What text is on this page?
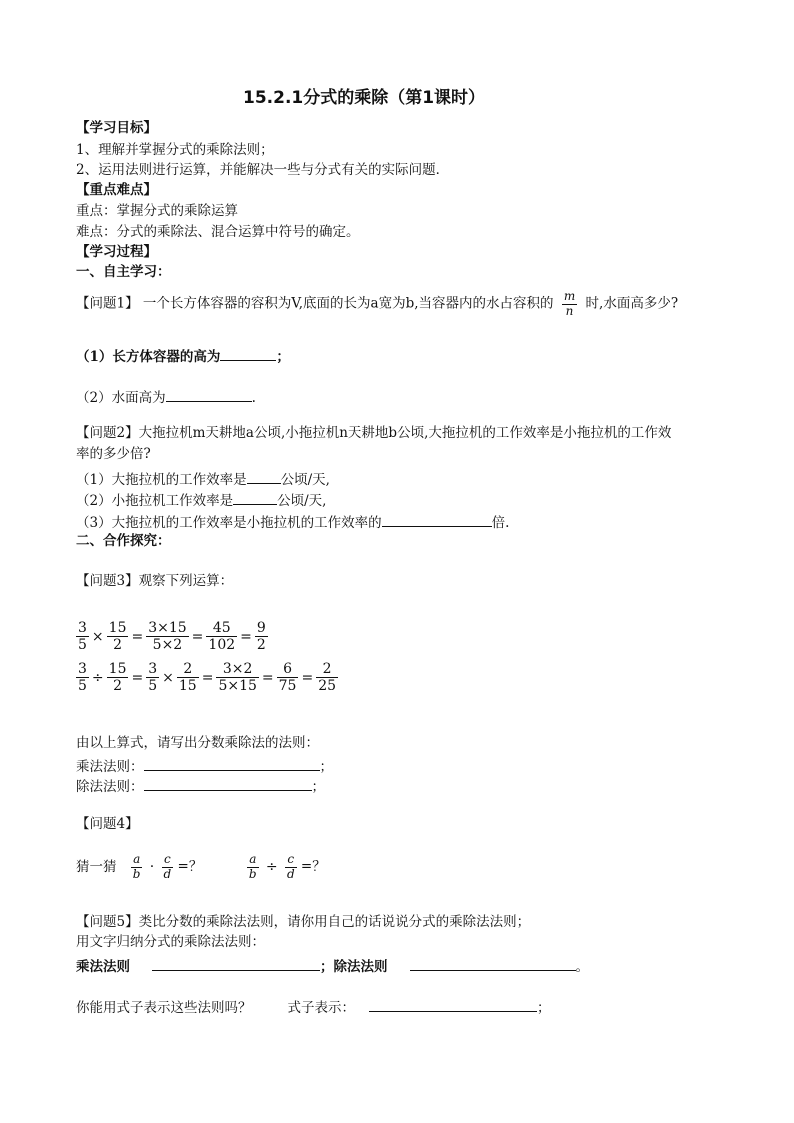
15.2.1分式的乘除（第1课时）
【学习目标】
1、理解并掌握分式的乘除法则；
2、运用法则进行运算，并能解决一些与分式有关的实际问题．
【重点难点】
重点：掌握分式的乘除运算
难点：分式的乘除法、混合运算中符号的确定。
【学习过程】
一、自主学习：
【问题1】 一个长方体容器的容积为V,底面的长为a宽为b,当容器内的水占容积的 $\frac{m}{n}$ 时,水面高多少?
（1）长方体容器的高为	；
（2）水面高为	.
【问题2】大拖拉机m天耕地a公顷,小拖拉机n天耕地b公顷,大拖拉机的工作效率是小拖拉机的工作效
率的多少倍?
（1）大拖拉机的工作效率是	公顷/天,
（2）小拖拉机工作效率是	公顷/天,
（3）大拖拉机的工作效率是小拖拉机的工作效率的	倍.
二、合作探究：
【问题3】观察下列运算：
$\frac{3}{5} \times \frac{15}{2} = \frac{3\times 15}{5\times 2} = \frac{45}{102} = \frac{9}{2}$
$\frac{3}{5} \div \frac{15}{2} = \frac{3}{5} \times \frac{2}{15} = \frac{3\times 2}{5\times 15} = \frac{6}{75} = \frac{2}{25}$
由以上算式，请写出分数乘除法的法则：
乘法法则：	；
除法法则：	；
【问题4】
猜一猜 $\frac{a}{b} \cdot \frac{c}{d}$ =？	$\frac{a}{b} \div \frac{c}{d}$ =？
【问题5】类比分数的乘除法法则，请你用自己的话说说分式的乘除法法则；
用文字归纳分式的乘除法法则：
乘法法则	；除法法则	。
你能用式子表示这些法则吗？	式子表示：	；
